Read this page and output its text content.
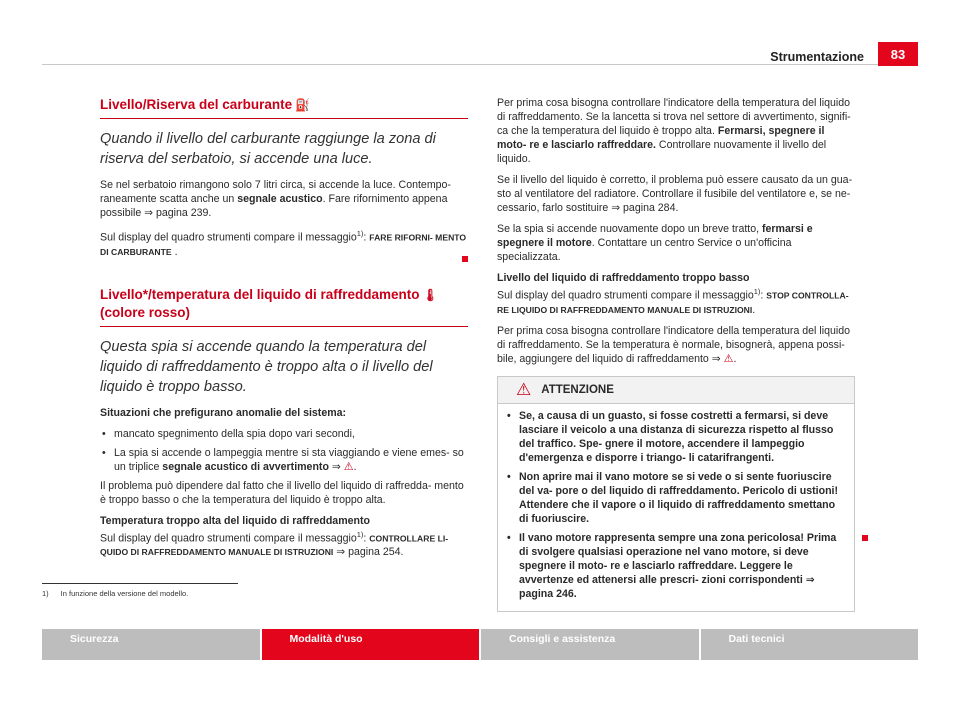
Strumentazione	83
Livello/Riserva del carburante ⛽
Quando il livello del carburante raggiunge la zona di riserva del serbatoio, si accende una luce.
Se nel serbatoio rimangono solo 7 litri circa, si accende la luce. Contempo- raneamente scatta anche un segnale acustico. Fare rifornimento appena possibile ⇒ pagina 239.
Sul display del quadro strumenti compare il messaggio$^{1)}$: FARE RIFORNI- MENTO DI CARBURANTE .
Livello*/temperatura del liquido di raffreddamento 🌡
(colore rosso)
Questa spia si accende quando la temperatura del liquido di raffreddamento è troppo alta o il livello del liquido è troppo basso.
Situazioni che prefigurano anomalie del sistema:
• mancato spegnimento della spia dopo vari secondi,
• La spia si accende o lampeggia mentre si sta viaggiando e viene emes- so un triplice segnale acustico di avvertimento ⇒ ⚠.
Il problema può dipendere dal fatto che il livello del liquido di raffredda- mento è troppo basso o che la temperatura del liquido è troppo alta.
Temperatura troppo alta del liquido di raffreddamento
Sul display del quadro strumenti compare il messaggio$^{1)}$: CONTROLLARE LI- QUIDO DI RAFFREDDAMENTO MANUALE DI ISTRUZIONI ⇒ pagina 254.
Per prima cosa bisogna controllare l'indicatore della temperatura del liquido di raffreddamento. Se la lancetta si trova nel settore di avvertimento, signifi- ca che la temperatura del liquido è troppo alta. Fermarsi, spegnere il moto- re e lasciarlo raffreddare. Controllare nuovamente il livello del liquido.
Se il livello del liquido è corretto, il problema può essere causato da un gua- sto al ventilatore del radiatore. Controllare il fusibile del ventilatore e, se ne- cessario, farlo sostituire ⇒ pagina 284.
Se la spia si accende nuovamente dopo un breve tratto, fermarsi e spegnere il motore. Contattare un centro Service o un'officina specializzata.
Livello del liquido di raffreddamento troppo basso
Sul display del quadro strumenti compare il messaggio$^{1)}$: STOP CONTROLLA- RE LIQUIDO DI RAFFREDDAMENTO MANUALE DI ISTRUZIONI.
Per prima cosa bisogna controllare l'indicatore della temperatura del liquido di raffreddamento. Se la temperatura è normale, bisognerà, appena possi- bile, aggiungere del liquido di raffreddamento ⇒ ⚠.
⚠ ATTENZIONE
• Se, a causa di un guasto, si fosse costretti a fermarsi, si deve lasciare il veicolo a una distanza di sicurezza rispetto al flusso del traffico. Spe- gnere il motore, accendere il lampeggio d'emergenza e disporre i triango- li catarifrangenti.
• Non aprire mai il vano motore se si vede o si sente fuoriuscire del va- pore o del liquido di raffreddamento. Pericolo di ustioni! Attendere che il vapore o il liquido di raffreddamento smettano di fuoriuscire.
• Il vano motore rappresenta sempre una zona pericolosa! Prima di svolgere qualsiasi operazione nel vano motore, si deve spegnere il moto- re e lasciarlo raffreddare. Leggere le avvertenze ed attenersi alle prescri- zioni corrispondenti ⇒ pagina 246.
1) In funzione della versione del modello.
Sicurezza	Modalità d'uso	Consigli e assistenza	Dati tecnici
